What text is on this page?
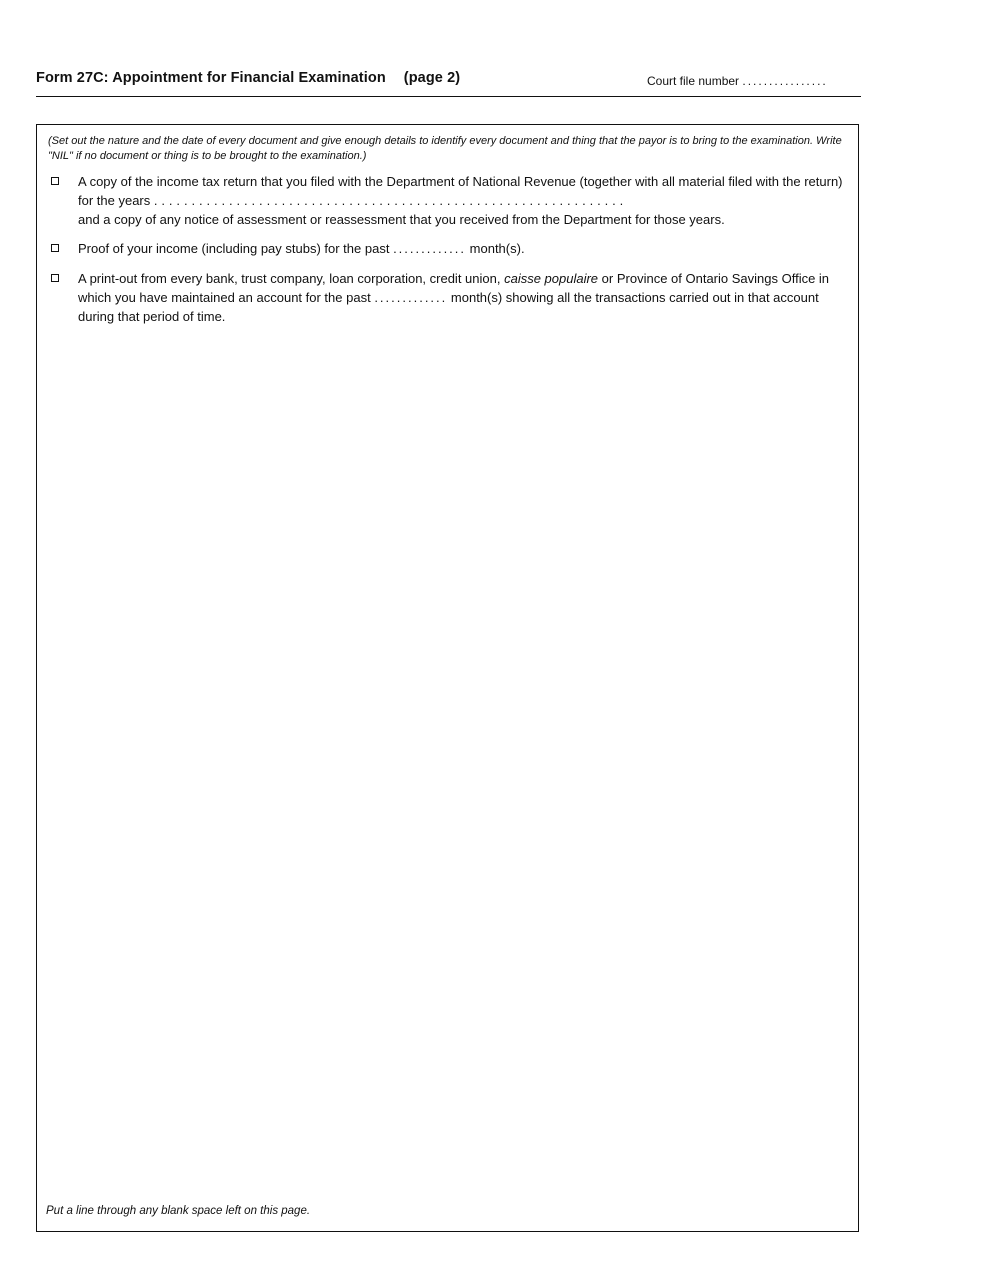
Form 27C: Appointment for Financial Examination (page 2)	Court file number ................
(Set out the nature and the date of every document and give enough details to identify every document and thing that the payor is to bring to the examination. Write "NIL" if no document or thing is to be brought to the examination.)
A copy of the income tax return that you filed with the Department of National Revenue (together with all material filed with the return) for the years ...............................................................
and a copy of any notice of assessment or reassessment that you received from the Department for those years.
Proof of your income (including pay stubs) for the past ............. month(s).
A print-out from every bank, trust company, loan corporation, credit union, caisse populaire or Province of Ontario Savings Office in which you have maintained an account for the past ............. month(s) showing all the transactions carried out in that account during that period of time.
Put a line through any blank space left on this page.
